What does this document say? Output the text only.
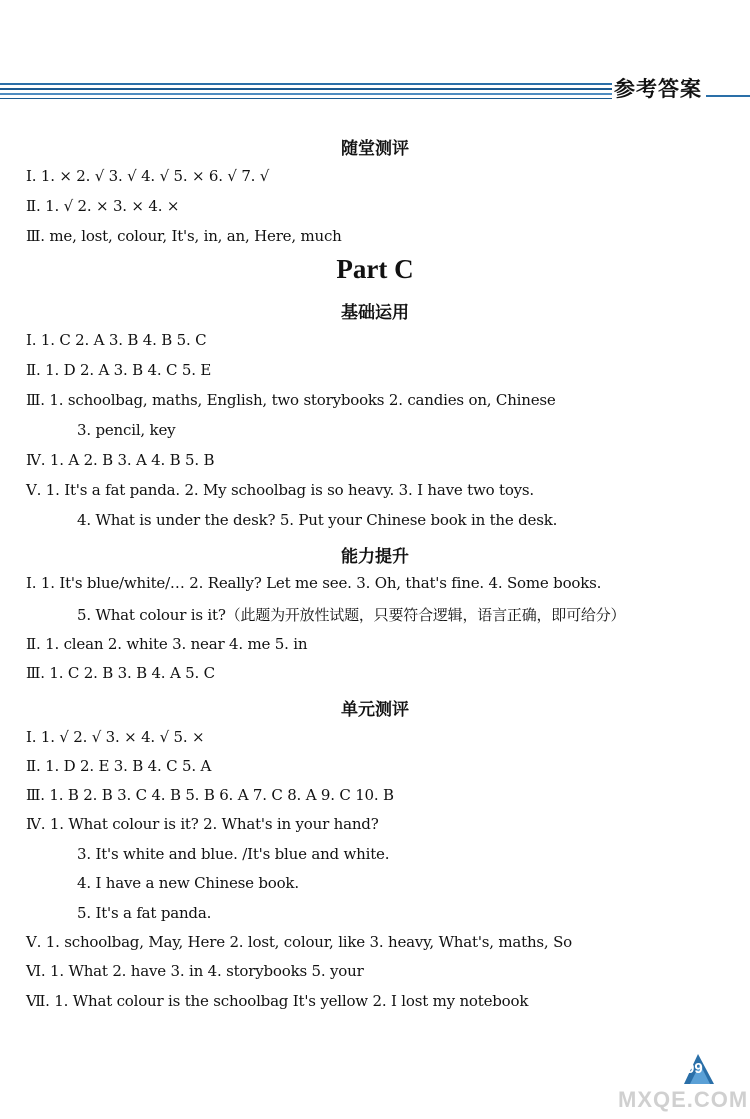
参考答案
随堂测评
Ⅰ. 1. × 2. √ 3. √ 4. √ 5. × 6. √ 7. √
Ⅱ. 1. √ 2. × 3. × 4. ×
Ⅲ. me, lost, colour, It's, in, an, Here, much
Part C
基础运用
Ⅰ. 1. C 2. A 3. B 4. B 5. C
Ⅱ. 1. D 2. A 3. B 4. C 5. E
Ⅲ. 1. schoolbag, maths, English, two storybooks 2. candies on, Chinese
3. pencil, key
Ⅳ. 1. A 2. B 3. A 4. B 5. B
Ⅴ. 1. It's a fat panda. 2. My schoolbag is so heavy. 3. I have two toys.
4. What is under the desk? 5. Put your Chinese book in the desk.
能力提升
Ⅰ. 1. It's blue/white/… 2. Really? Let me see. 3. Oh, that's fine. 4. Some books.
5. What colour is it?（此题为开放性试题，只要符合逻辑，语言正确，即可给分）
Ⅱ. 1. clean 2. white 3. near 4. me 5. in
Ⅲ. 1. C 2. B 3. B 4. A 5. C
单元测评
Ⅰ. 1. √ 2. √ 3. × 4. √ 5. ×
Ⅱ. 1. D 2. E 3. B 4. C 5. A
Ⅲ. 1. B 2. B 3. C 4. B 5. B 6. A 7. C 8. A 9. C 10. B
Ⅳ. 1. What colour is it? 2. What's in your hand?
3. It's white and blue. /It's blue and white.
4. I have a new Chinese book.
5. It's a fat panda.
Ⅴ. 1. schoolbag, May, Here 2. lost, colour, like 3. heavy, What's, maths, So
Ⅵ. 1. What 2. have 3. in 4. storybooks 5. your
Ⅶ. 1. What colour is the schoolbag It's yellow 2. I lost my notebook
99
MXQE.COM
